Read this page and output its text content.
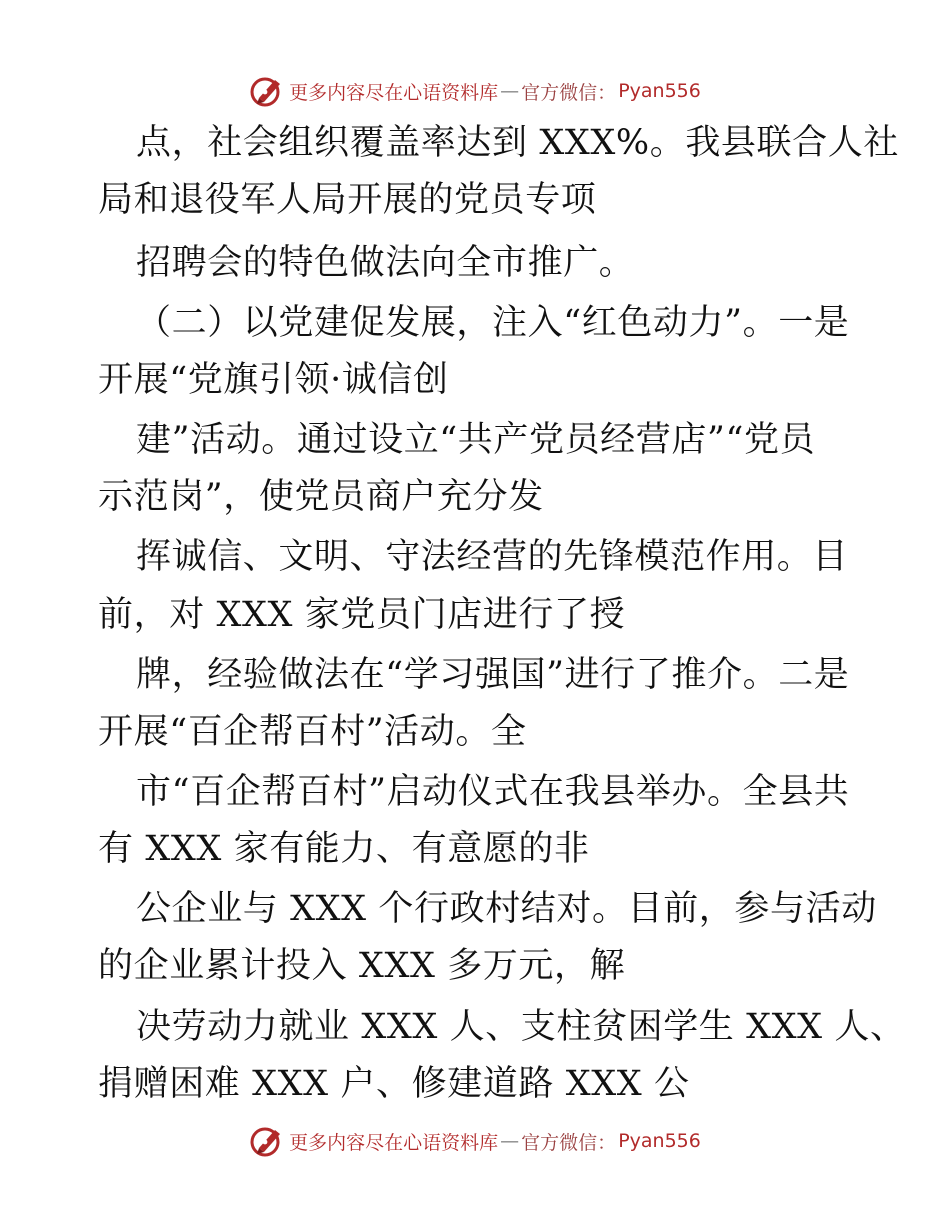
更多内容尽在心语资料库 — 官方微信： Pyan556
点，社会组织覆盖率达到 XXX%。我县联合人社
局和退役军人局开展的党员专项
招聘会的特色做法向全市推广。
（二）以党建促发展，注入“红色动力”。一是
开展“党旗引领·诚信创
建”活动。通过设立“共产党员经营店”“党员
示范岗”，使党员商户充分发
挥诚信、文明、守法经营的先锋模范作用。目
前，对 XXX 家党员门店进行了授
牌，经验做法在“学习强国”进行了推介。二是
开展“百企帮百村”活动。全
市“百企帮百村”启动仪式在我县举办。全县共
有 XXX 家有能力、有意愿的非
公企业与 XXX 个行政村结对。目前，参与活动
的企业累计投入 XXX 多万元，解
决劳动力就业 XXX 人、支柱贫困学生 XXX 人、
捐赠困难 XXX 户、修建道路 XXX 公
更多内容尽在心语资料库 — 官方微信： Pyan556
